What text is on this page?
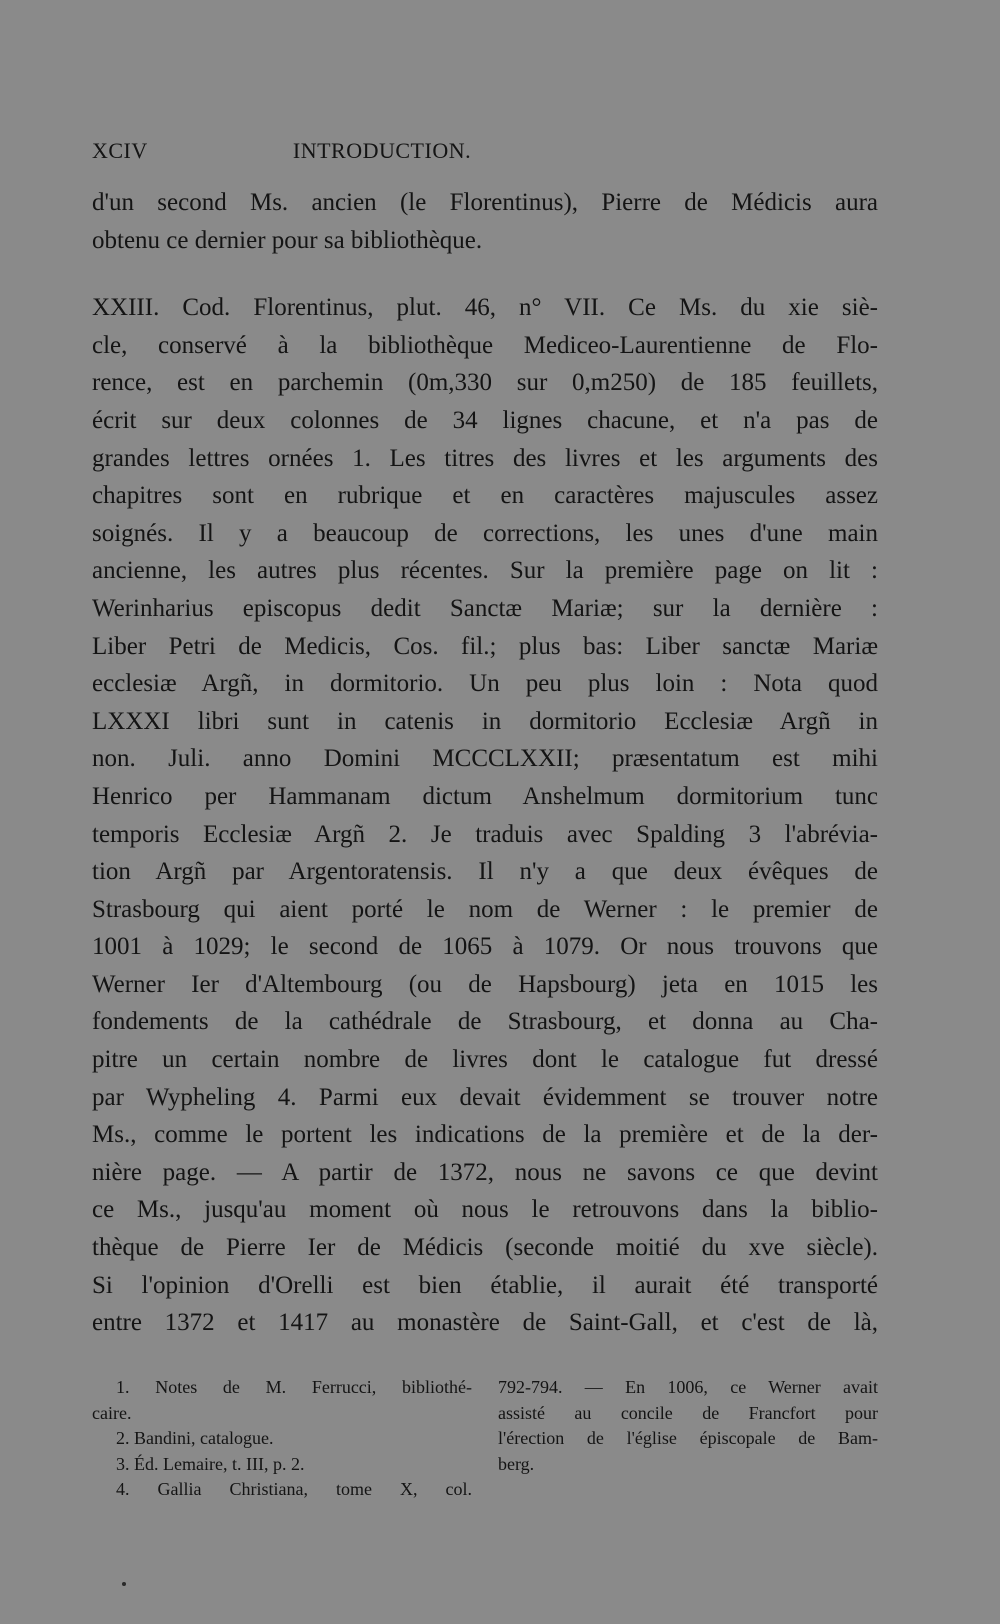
XCIV	INTRODUCTION.
d'un second Ms. ancien (le Florentinus), Pierre de Médicis aura
obtenu ce dernier pour sa bibliothèque.
XXIII. Cod. Florentinus, plut. 46, n° VII. Ce Ms. du xie siè-
cle, conservé à la bibliothèque Mediceo-Laurentienne de Flo-
rence, est en parchemin (0m,330 sur 0,m250) de 185 feuillets,
écrit sur deux colonnes de 34 lignes chacune, et n'a pas de
grandes lettres ornées 1. Les titres des livres et les arguments des
chapitres sont en rubrique et en caractères majuscules assez
soignés. Il y a beaucoup de corrections, les unes d'une main
ancienne, les autres plus récentes. Sur la première page on lit :
Werinharius episcopus dedit Sanctæ Mariæ; sur la dernière :
Liber Petri de Medicis, Cos. fil.; plus bas: Liber sanctæ Mariæ
ecclesiæ Argñ, in dormitorio. Un peu plus loin : Nota quod
LXXXI libri sunt in catenis in dormitorio Ecclesiæ Argñ in
non. Juli. anno Domini MCCCLXXII; præsentatum est mihi
Henrico per Hammanam dictum Anshelmum dormitorium tunc
temporis Ecclesiæ Argñ 2. Je traduis avec Spalding 3 l'abrévia-
tion Argñ par Argentoratensis. Il n'y a que deux évêques de
Strasbourg qui aient porté le nom de Werner : le premier de
1001 à 1029; le second de 1065 à 1079. Or nous trouvons que
Werner Ier d'Altembourg (ou de Hapsbourg) jeta en 1015 les
fondements de la cathédrale de Strasbourg, et donna au Cha-
pitre un certain nombre de livres dont le catalogue fut dressé
par Wypheling 4. Parmi eux devait évidemment se trouver notre
Ms., comme le portent les indications de la première et de la der-
nière page. — A partir de 1372, nous ne savons ce que devint
ce Ms., jusqu'au moment où nous le retrouvons dans la biblio-
thèque de Pierre Ier de Médicis (seconde moitié du xve siècle).
Si l'opinion d'Orelli est bien établie, il aurait été transporté
entre 1372 et 1417 au monastère de Saint-Gall, et c'est de là,
1. Notes de M. Ferrucci, bibliothé-
caire.
2. Bandini, catalogue.
3. Éd. Lemaire, t. III, p. 2.
4. Gallia Christiana, tome X, col.
792-794. — En 1006, ce Werner avait
assisté au concile de Francfort pour
l'érection de l'église épiscopale de Bam-
berg.
